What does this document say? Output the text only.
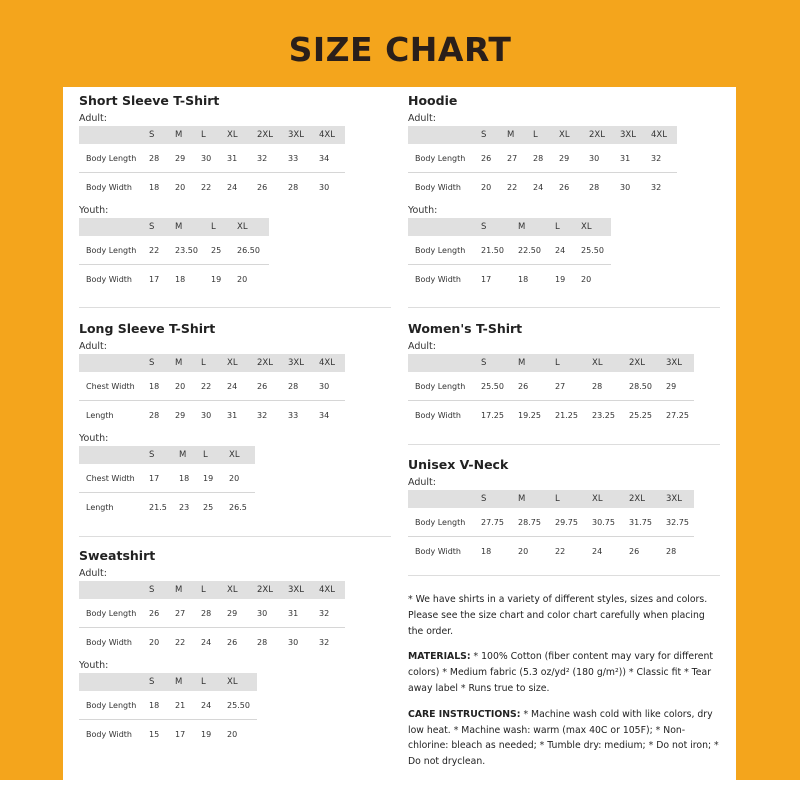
SIZE CHART
Short Sleeve T-Shirt
Adult:
	S	M	L	XL	2XL	3XL	4XL
Body Length	28	29	30	31	32	33	34
Body Width	18	20	22	24	26	28	30
Youth:
	S	M	L	XL
Body Length	22	23.50	25	26.50
Body Width	17	18	19	20
Long Sleeve T-Shirt
Adult:
	S	M	L	XL	2XL	3XL	4XL
Chest Width	18	20	22	24	26	28	30
Length	28	29	30	31	32	33	34
Youth:
	S	M	L	XL
Chest Width	17	18	19	20
Length	21.5	23	25	26.5
Sweatshirt
Adult:
	S	M	L	XL	2XL	3XL	4XL
Body Length	26	27	28	29	30	31	32
Body Width	20	22	24	26	28	30	32
Youth:
	S	M	L	XL
Body Length	18	21	24	25.50
Body Width	15	17	19	20
Hoodie
Adult:
	S	M	L	XL	2XL	3XL	4XL
Body Length	26	27	28	29	30	31	32
Body Width	20	22	24	26	28	30	32
Youth:
	S	M	L	XL
Body Length	21.50	22.50	24	25.50
Body Width	17	18	19	20
Women's T-Shirt
Adult:
	S	M	L	XL	2XL	3XL
Body Length	25.50	26	27	28	28.50	29
Body Width	17.25	19.25	21.25	23.25	25.25	27.25
Unisex V-Neck
Adult:
	S	M	L	XL	2XL	3XL
Body Length	27.75	28.75	29.75	30.75	31.75	32.75
Body Width	18	20	22	24	26	28

* We have shirts in a variety of different styles, sizes and colors. Please see the size chart and color chart carefully when placing the order.

MATERIALS: * 100% Cotton (fiber content may vary for different colors) * Medium fabric (5.3 oz/yd² (180 g/m²)) * Classic fit * Tear away label * Runs true to size.

CARE INSTRUCTIONS: * Machine wash cold with like colors, dry low heat. * Machine wash: warm (max 40C or 105F); * Non-chlorine: bleach as needed; * Tumble dry: medium; * Do not iron; * Do not dryclean.
